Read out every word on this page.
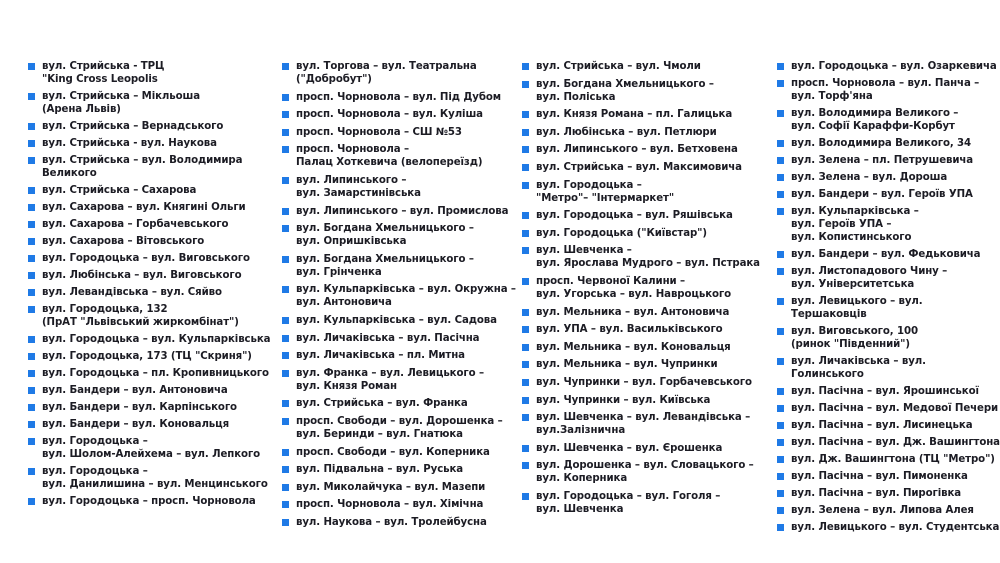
вул. Стрийська - ТРЦ
"King Cross Leopolis
вул. Стрийська – Мікльоша
(Арена Львів)
вул. Стрийська – Вернадського
вул. Стрийська - вул. Наукова
вул. Стрийська – вул. Володимира
Великого
вул. Стрийська – Сахарова
вул. Сахарова – вул. Княгині Ольги
вул. Сахарова – Горбачевського
вул. Сахарова – Вітовського
вул. Городоцька – вул. Виговського
вул. Любінська – вул. Виговського
вул. Левандівська – вул. Сяйво
вул. Городоцька, 132
(ПрАТ "Львівський жиркомбінат")
вул. Городоцька – вул. Кульпарківська
вул. Городоцька, 173 (ТЦ "Скриня")
вул. Городоцька – пл. Кропивницького
вул. Бандери – вул. Антоновича
вул. Бандери – вул. Карпінського
вул. Бандери – вул. Коновальця
вул. Городоцька –
вул. Шолом-Алейхема – вул. Лепкого
вул. Городоцька –
вул. Данилишина – вул. Менцинського
вул. Городоцька – просп. Чорновола
вул. Торгова – вул. Театральна
("Добробут")
просп. Чорновола – вул. Під Дубом
просп. Чорновола – вул. Куліша
просп. Чорновола – СШ №53
просп. Чорновола –
Палац Хоткевича (велопереїзд)
вул. Липинського –
вул. Замарстинівська
вул. Липинського – вул. Промислова
вул. Богдана Хмельницького –
вул. Опришківська
вул. Богдана Хмельницького –
вул. Грінченка
вул. Кульпарківська – вул. Окружна –
вул. Антоновича
вул. Кульпарківська – вул. Садова
вул. Личаківська – вул. Пасічна
вул. Личаківська – пл. Митна
вул. Франка – вул. Левицького –
вул. Князя Роман
вул. Стрийська – вул. Франка
просп. Свободи – вул. Дорошенка –
вул. Беринди – вул. Гнатюка
просп. Свободи – вул. Коперника
вул. Підвальна – вул. Руська
вул. Миколайчука – вул. Мазепи
просп. Чорновола – вул. Хімічна
вул. Наукова – вул. Тролейбусна
вул. Стрийська – вул. Чмоли
вул. Богдана Хмельницького –
вул. Поліська
вул. Князя Романа – пл. Галицька
вул. Любінська – вул. Петлюри
вул. Липинського – вул. Бетховена
вул. Стрийська – вул. Максимовича
вул. Городоцька –
"Метро"– "Інтермаркет"
вул. Городоцька – вул. Ряшівська
вул. Городоцька ("Київстар")
вул. Шевченка –
вул. Ярослава Мудрого – вул. Пстрака
просп. Червоної Калини –
вул. Угорська – вул. Навроцького
вул. Мельника – вул. Антоновича
вул. УПА – вул. Васильківського
вул. Мельника – вул. Коновальця
вул. Мельника – вул. Чупринки
вул. Чупринки – вул. Горбачевського
вул. Чупринки – вул. Київська
вул. Шевченка – вул. Левандівська –
вул.Залізнична
вул. Шевченка – вул. Єрошенка
вул. Дорошенка – вул. Словацького –
вул. Коперника
вул. Городоцька – вул. Гоголя –
вул. Шевченка
вул. Городоцька – вул. Озаркевича
просп. Чорновола – вул. Панча –
вул. Торф'яна
вул. Володимира Великого –
вул. Софії Караффи-Корбут
вул. Володимира Великого, 34
вул. Зелена – пл. Петрушевича
вул. Зелена – вул. Дороша
вул. Бандери – вул. Героїв УПА
вул. Кульпарківська –
вул. Героїв УПА –
вул. Копистинського
вул. Бандери – вул. Федьковича
вул. Листопадового Чину –
вул. Університетська
вул. Левицького – вул. Тершаковців
вул. Виговського, 100
(ринок "Південний")
вул. Личаківська – вул. Голинського
вул. Пасічна – вул. Ярошинської
вул. Пасічна – вул. Медової Печери
вул. Пасічна – вул. Лисинецька
вул. Пасічна – вул. Дж. Вашингтона
вул. Дж. Вашингтона (ТЦ "Метро")
вул. Пасічна – вул. Пимоненка
вул. Пасічна – вул. Пирогівка
вул. Зелена – вул. Липова Алея
вул. Левицького – вул. Студентська
